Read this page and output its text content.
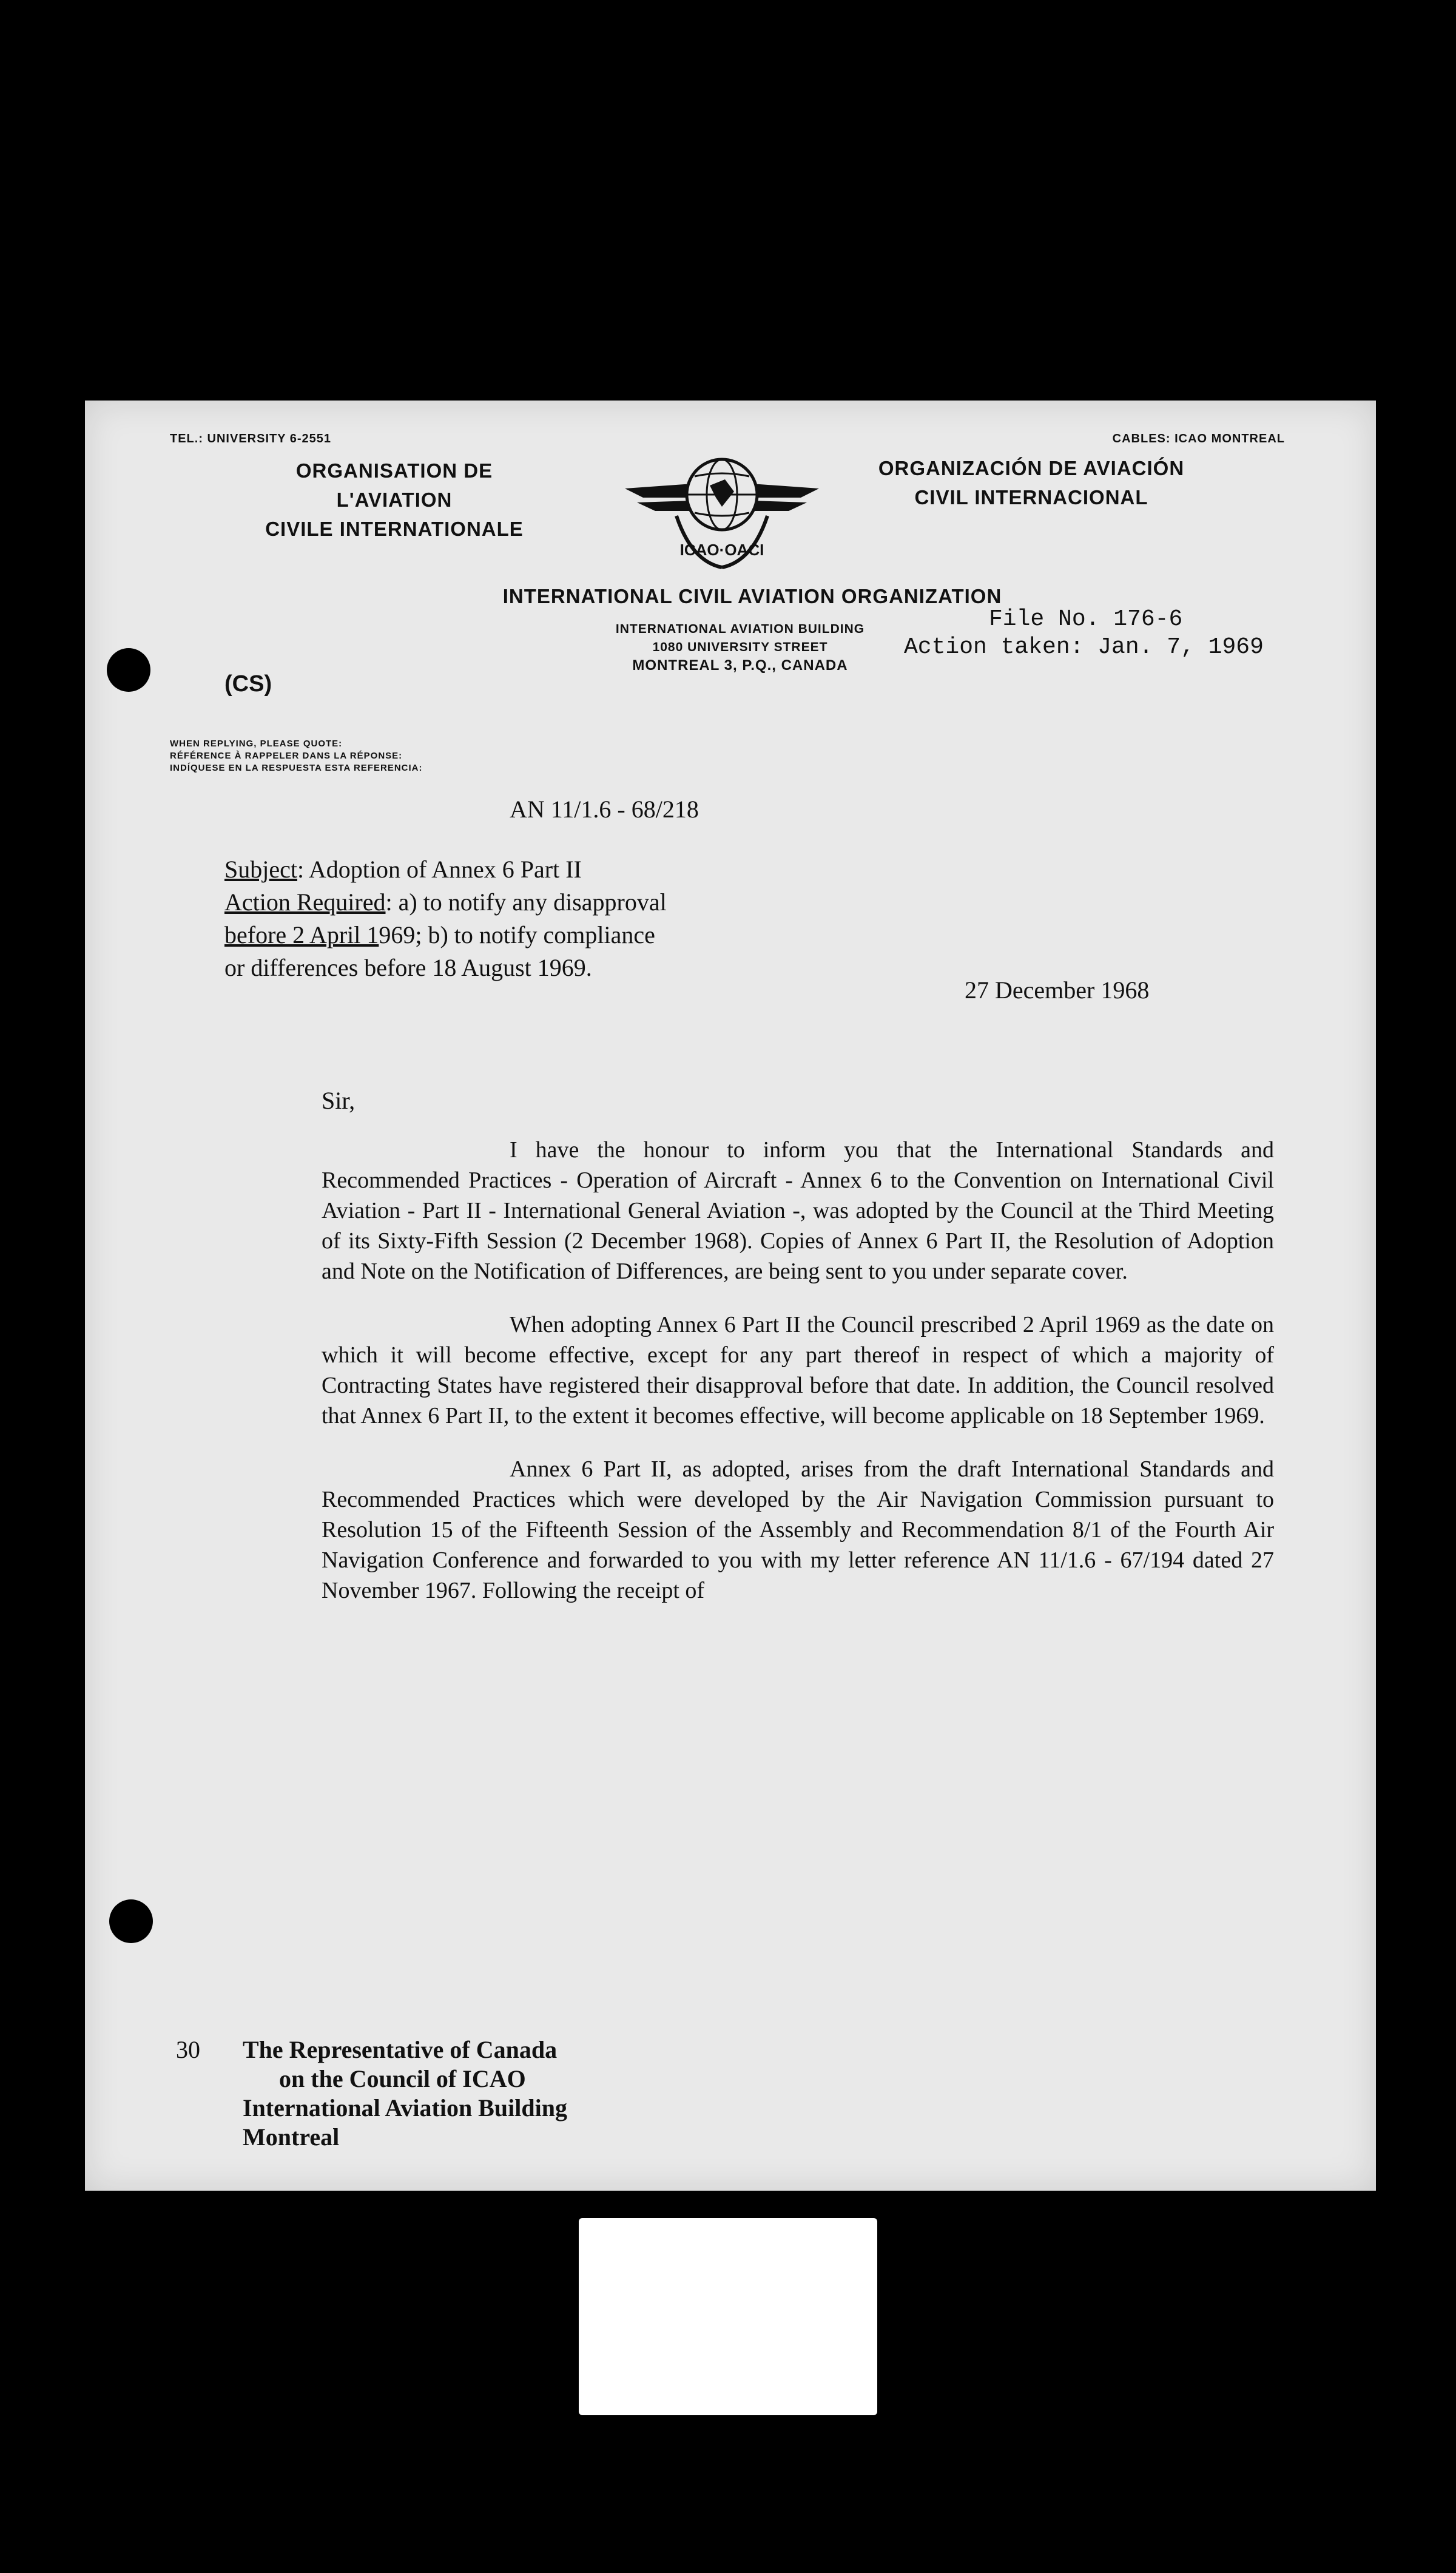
TEL.: UNIVERSITY 6-2551	CABLES: ICAO MONTREAL
ORGANISATION DE L'AVIATION
CIVILE INTERNATIONALE
ICAO·OACI
ORGANIZACIÓN DE AVIACIÓN
CIVIL INTERNACIONAL
INTERNATIONAL CIVIL AVIATION ORGANIZATION
INTERNATIONAL AVIATION BUILDING
1080 UNIVERSITY STREET
MONTREAL 3, P.Q., CANADA
File No. 176-6
Action taken: Jan. 7, 1969
(CS)
WHEN REPLYING, PLEASE QUOTE:
RÉFÉRENCE À RAPPELER DANS LA RÉPONSE:
INDÍQUESE EN LA RESPUESTA ESTA REFERENCIA:
AN 11/1.6 - 68/218
Subject: Adoption of Annex 6 Part II
Action Required: a) to notify any disapproval
before 2 April 1969; b) to notify compliance
or differences before 18 August 1969.
27 December 1968
Sir,

I have the honour to inform you that the International Standards and Recommended Practices - Operation of Aircraft - Annex 6 to the Convention on International Civil Aviation - Part II - International General Aviation -, was adopted by the Council at the Third Meeting of its Sixty-Fifth Session (2 December 1968). Copies of Annex 6 Part II, the Resolution of Adoption and Note on the Notification of Differences, are being sent to you under separate cover.

When adopting Annex 6 Part II the Council prescribed 2 April 1969 as the date on which it will become effective, except for any part thereof in respect of which a majority of Contracting States have registered their disapproval before that date. In addition, the Council resolved that Annex 6 Part II, to the extent it becomes effective, will become applicable on 18 September 1969.

Annex 6 Part II, as adopted, arises from the draft International Standards and Recommended Practices which were developed by the Air Navigation Commission pursuant to Resolution 15 of the Fifteenth Session of the Assembly and Recommendation 8/1 of the Fourth Air Navigation Conference and forwarded to you with my letter reference AN 11/1.6 - 67/194 dated 27 November 1967. Following the receipt of

30 The Representative of Canada
on the Council of ICAO
International Aviation Building
Montreal
